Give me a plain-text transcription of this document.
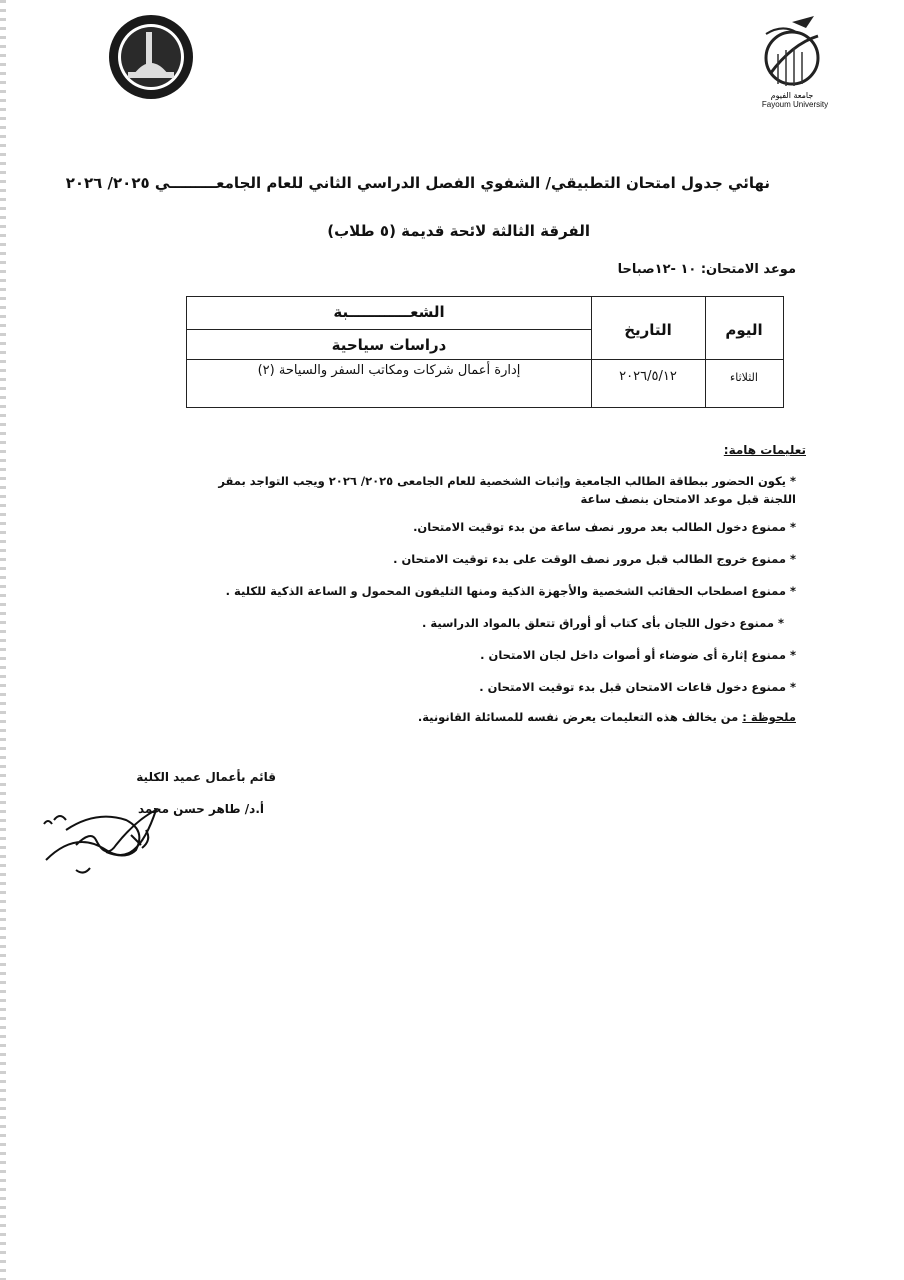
جامعة الفيوم
Fayoum University
نهائي جدول امتحان التطبيقي/ الشفوي الفصل الدراسي الثاني للعام الجامعـــــــــي ٢٠٢٥/ ٢٠٢٦
الفرقة الثالثة لائحة قديمة (٥ طلاب)
موعد الامتحان: ١٠ -١٢صباحا
اليوم
التاريخ
الشعــــــــــــبة
دراسات سياحية
الثلاثاء
٢٠٢٦/٥/١٢
إدارة أعمال شركات ومكاتب السفر والسياحة (٢)
تعليمات هامة:
* يكون الحضور ببطاقة الطالب الجامعية وإثبات الشخصية للعام الجامعى ٢٠٢٥/ ٢٠٢٦ ويجب التواجد بمقر اللجنة قبل موعد الامتحان بنصف ساعة
* ممنوع دخول الطالب بعد مرور نصف ساعة من بدء توقيت الامتحان.
* ممنوع خروج الطالب قبل مرور نصف الوقت على بدء توقيت الامتحان .
* ممنوع اصطحاب الحقائب الشخصية والأجهزة الذكية ومنها التليفون المحمول و الساعة الذكية للكلية .
* ممنوع دخول اللجان بأى كتاب أو أوراق تتعلق بالمواد الدراسية .
* ممنوع إثارة أى ضوضاء أو أصوات داخل لجان الامتحان .
* ممنوع دخول قاعات الامتحان قبل بدء توقيت الامتحان .
ملحوظة : من يخالف هذه التعليمات يعرض نفسه للمسائلة القانونية.
قائم بأعمال عميد الكلية
أ.د/ طاهر حسن محمد
